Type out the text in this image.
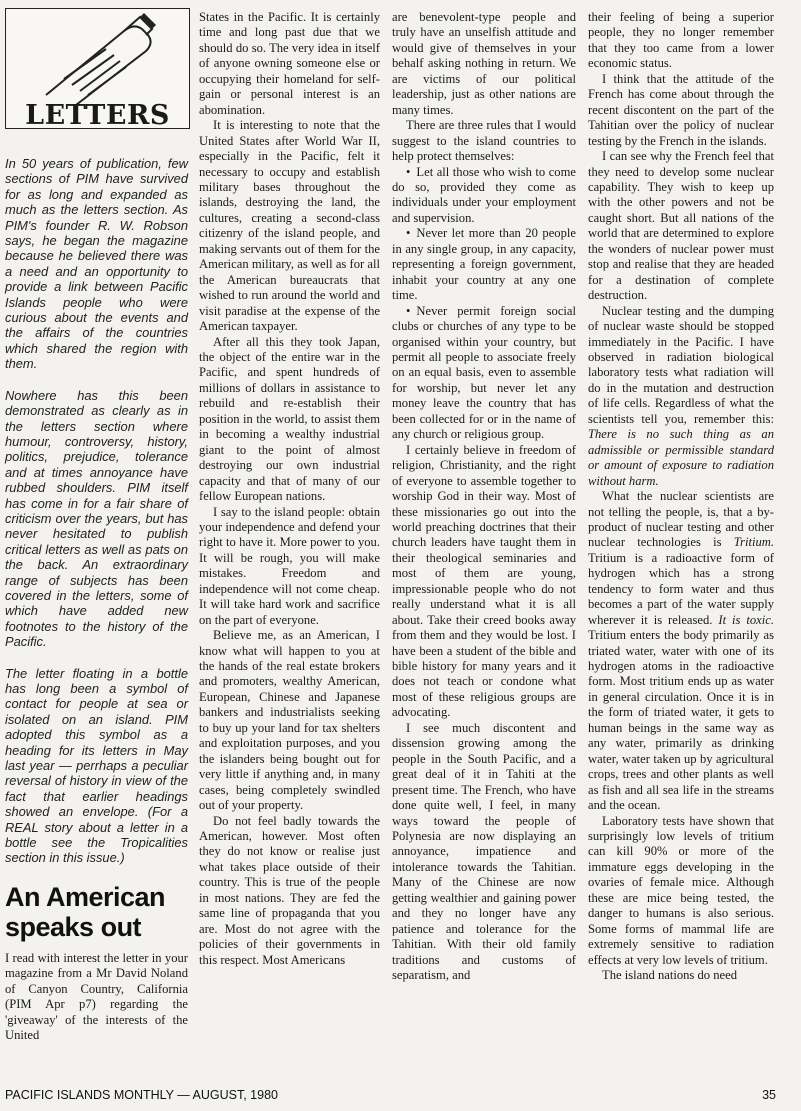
LETTERS

In 50 years of publication, few sections of PIM have survived for as long and expanded as much as the letters section. As PIM's founder R. W. Robson says, he began the magazine because he believed there was a need and an opportunity to provide a link between Pacific Islands people who were curious about the events and the affairs of the countries which shared the region with them.

Nowhere has this been demonstrated as clearly as in the letters section where humour, controversy, history, politics, prejudice, tolerance and at times annoyance have rubbed shoulders. PIM itself has come in for a fair share of criticism over the years, but has never hesitated to publish critical letters as well as pats on the back. An extraordinary range of subjects has been covered in the letters, some of which have added new footnotes to the history of the Pacific.

The letter floating in a bottle has long been a symbol of contact for people at sea or isolated on an island. PIM adopted this symbol as a heading for its letters in May last year — perrhaps a peculiar reversal of history in view of the fact that earlier headings showed an envelope. (For a REAL story about a letter in a bottle see the Tropicalities section in this issue.)

An American speaks out

I read with interest the letter in your magazine from a Mr David Noland of Canyon Country, California (PIM Apr p7) regarding the 'giveaway' of the interests of the United

States in the Pacific. It is certainly time and long past due that we should do so. The very idea in itself of anyone owning someone else or occupying their homeland for self-gain or personal interest is an abomination.

It is interesting to note that the United States after World War II, especially in the Pacific, felt it necessary to occupy and establish military bases throughout the islands, destroying the land, the cultures, creating a second-class citizenry of the island people, and making servants out of them for the American military, as well as for all the American bureaucrats that wished to run around the world and visit paradise at the expense of the American taxpayer.

After all this they took Japan, the object of the entire war in the Pacific, and spent hundreds of millions of dollars in assistance to rebuild and re-establish their position in the world, to assist them in becoming a wealthy industrial giant to the point of almost destroying our own industrial capacity and that of many of our fellow European nations.

I say to the island people: obtain your independence and defend your right to have it. More power to you. It will be rough, you will make mistakes. Freedom and independence will not come cheap. It will take hard work and sacrifice on the part of everyone.

Believe me, as an American, I know what will happen to you at the hands of the real estate brokers and promoters, wealthy American, European, Chinese and Japanese bankers and industrialists seeking to buy up your land for tax shelters and exploitation purposes, and you the islanders being bought out for very little if anything and, in many cases, being completely swindled out of your property.

Do not feel badly towards the American, however. Most often they do not know or realise just what takes place outside of their country. This is true of the people in most nations. They are fed the same line of propaganda that you are. Most do not agree with the policies of their governments in this respect. Most Americans

are benevolent-type people and truly have an unselfish attitude and would give of themselves in your behalf asking nothing in return. We are victims of our political leadership, just as other nations are many times.

There are three rules that I would suggest to the island countries to help protect themselves:

• Let all those who wish to come do so, provided they come as individuals under your employment and supervision.

• Never let more than 20 people in any single group, in any capacity, representing a foreign government, inhabit your country at any one time.

• Never permit foreign social clubs or churches of any type to be organised within your country, but permit all people to associate freely on an equal basis, even to assemble for worship, but never let any money leave the country that has been collected for or in the name of any church or religious group.

I certainly believe in freedom of religion, Christianity, and the right of everyone to assemble together to worship God in their way. Most of these missionaries go out into the world preaching doctrines that their church leaders have taught them in their theological seminaries and most of them are young, impressionable people who do not really understand what it is all about. Take their creed books away from them and they would be lost. I have been a student of the bible and bible history for many years and it does not teach or condone what most of these religious groups are advocating.

I see much discontent and dissension growing among the people in the South Pacific, and a great deal of it in Tahiti at the present time. The French, who have done quite well, I feel, in many ways toward the people of Polynesia are now displaying an annoyance, impatience and intolerance towards the Tahitian. Many of the Chinese are now getting wealthier and gaining power and they no longer have any patience and tolerance for the Tahitian. With their old family traditions and customs of separatism, and

their feeling of being a superior people, they no longer remember that they too came from a lower economic status.

I think that the attitude of the French has come about through the recent discontent on the part of the Tahitian over the policy of nuclear testing by the French in the islands.

I can see why the French feel that they need to develop some nuclear capability. They wish to keep up with the other powers and not be caught short. But all nations of the world that are determined to explore the wonders of nuclear power must stop and realise that they are headed for a destination of complete destruction.

Nuclear testing and the dumping of nuclear waste should be stopped immediately in the Pacific. I have observed in radiation biological laboratory tests what radiation will do in the mutation and destruction of life cells. Regardless of what the scientists tell you, remember this: There is no such thing as an admissible or permissible standard or amount of exposure to radiation without harm.

What the nuclear scientists are not telling the people, is, that a by-product of nuclear testing and other nuclear technologies is Tritium. Tritium is a radioactive form of hydrogen which has a strong tendency to form water and thus becomes a part of the water supply wherever it is released. It is toxic. Tritium enters the body primarily as triated water, water with one of its hydrogen atoms in the radioactive form. Most tritium ends up as water in general circulation. Once it is in the form of triated water, it gets to human beings in the same way as any water, primarily as drinking water, water taken up by agricultural crops, trees and other plants as well as fish and all sea life in the streams and the ocean.

Laboratory tests have shown that surprisingly low levels of tritium can kill 90% or more of the immature eggs developing in the ovaries of female mice. Although these are mice being tested, the danger to humans is also serious. Some forms of mammal life are extremely sensitive to radiation effects at very low levels of tritium.

The island nations do need

PACIFIC ISLANDS MONTHLY — AUGUST, 1980	35
